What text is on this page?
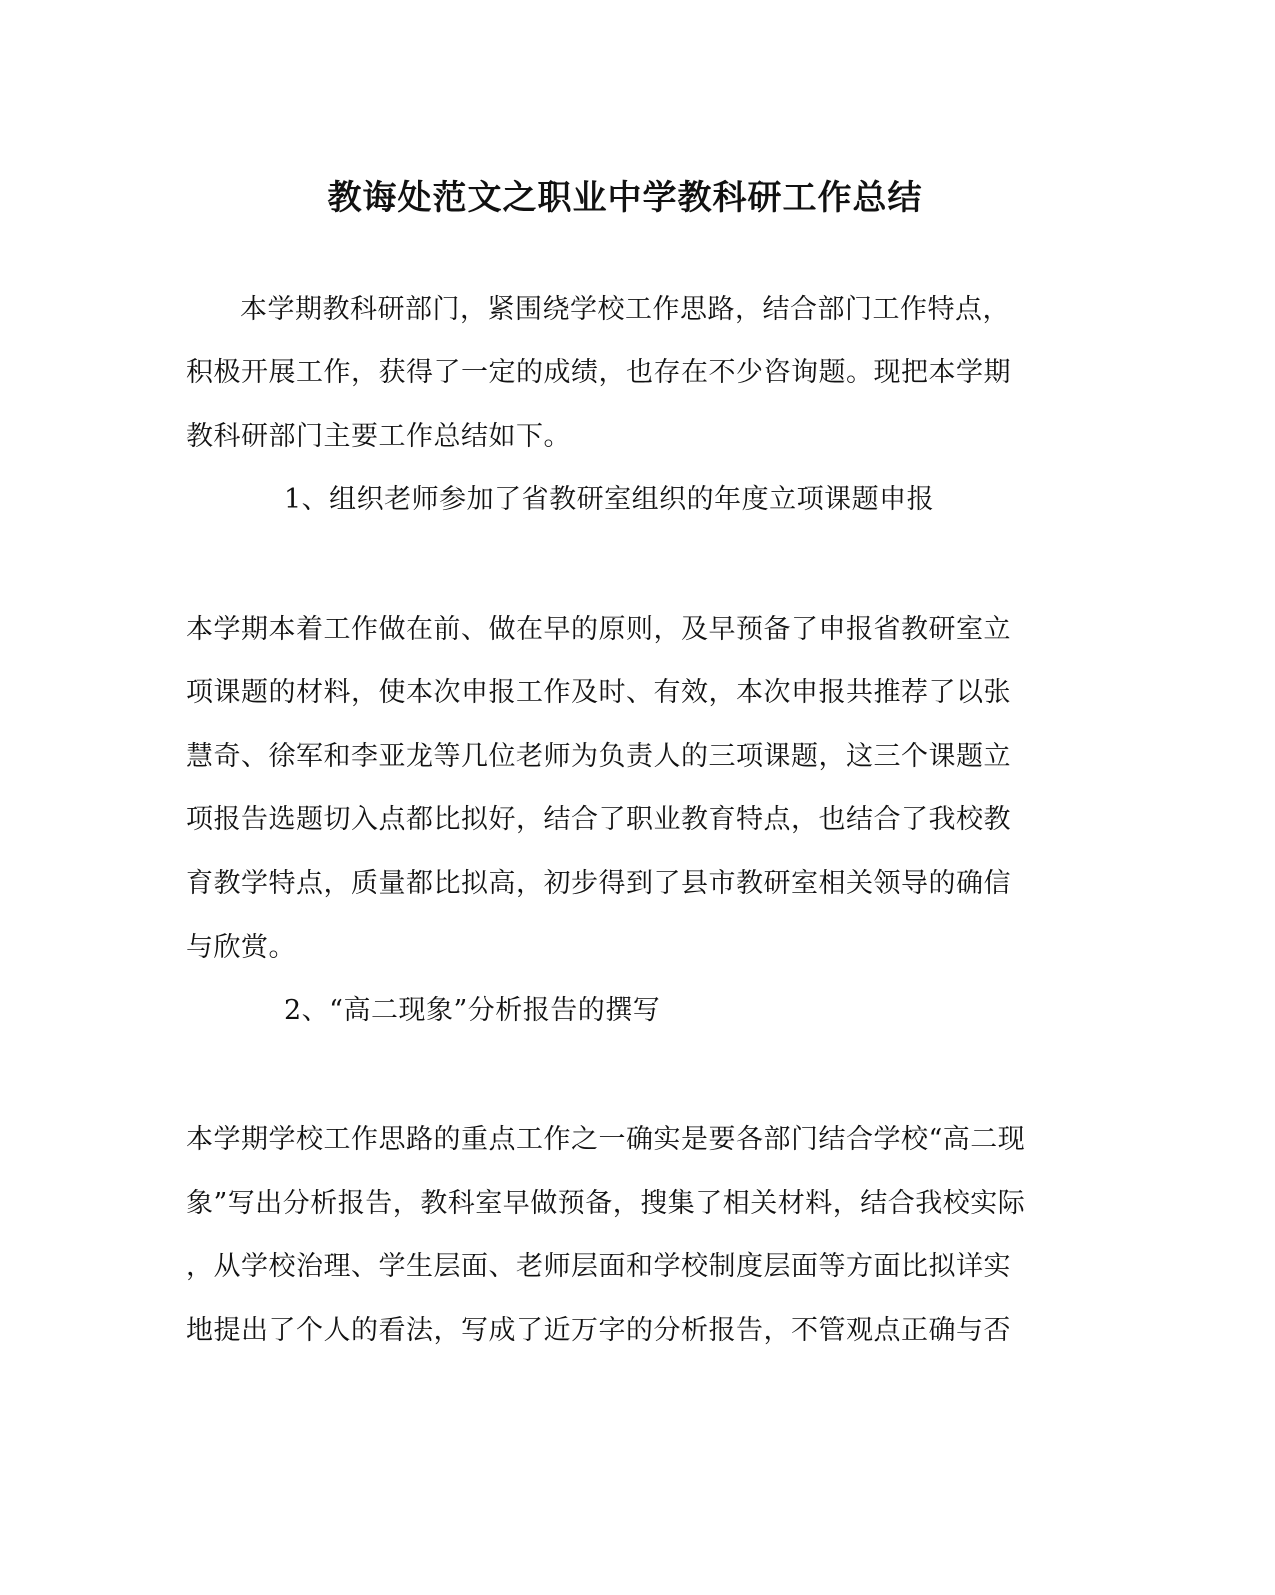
教诲处范文之职业中学教科研工作总结

本学期教科研部门，紧围绕学校工作思路，结合部门工作特点，

积极开展工作，获得了一定的成绩，也存在不少咨询题。现把本学期

教科研部门主要工作总结如下。

1、组织老师参加了省教研室组织的年度立项课题申报

本学期本着工作做在前、做在早的原则，及早预备了申报省教研室立

项课题的材料，使本次申报工作及时、有效，本次申报共推荐了以张

慧奇、徐军和李亚龙等几位老师为负责人的三项课题，这三个课题立

项报告选题切入点都比拟好，结合了职业教育特点，也结合了我校教

育教学特点，质量都比拟高，初步得到了县市教研室相关领导的确信

与欣赏。

2、“高二现象”分析报告的撰写

本学期学校工作思路的重点工作之一确实是要各部门结合学校“高二现

象”写出分析报告，教科室早做预备，搜集了相关材料，结合我校实际

，从学校治理、学生层面、老师层面和学校制度层面等方面比拟详实

地提出了个人的看法，写成了近万字的分析报告，不管观点正确与否
